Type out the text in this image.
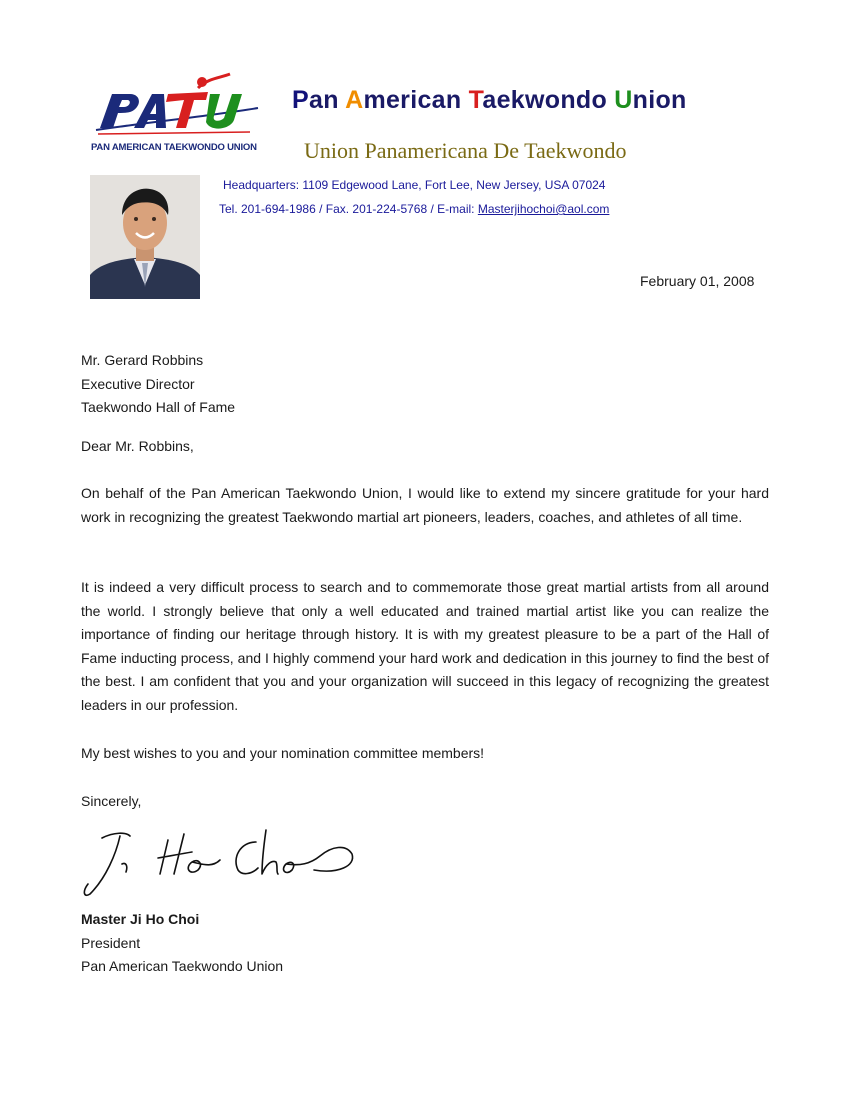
PAN AMERICAN TAEKWONDO UNION
Pan American Taekwondo Union
Union Panamericana De Taekwondo
Headquarters: 1109 Edgewood Lane, Fort Lee, New Jersey, USA 07024
Tel. 201-694-1986 / Fax. 201-224-5768 / E-mail: Masterjihochoi@aol.com
February 01, 2008
Mr. Gerard Robbins
Executive Director
Taekwondo Hall of Fame
Dear Mr. Robbins,

On behalf of the Pan American Taekwondo Union, I would like to extend my sincere gratitude for your hard work in recognizing the greatest Taekwondo martial art pioneers, leaders, coaches, and athletes of all time.

It is indeed a very difficult process to search and to commemorate those great martial artists from all around the world. I strongly believe that only a well educated and trained martial artist like you can realize the importance of finding our heritage through history. It is with my greatest pleasure to be a part of the Hall of Fame inducting process, and I highly commend your hard work and dedication in this journey to find the best of the best. I am confident that you and your organization will succeed in this legacy of recognizing the greatest leaders in our profession.

My best wishes to you and your nomination committee members!

Sincerely,
Master Ji Ho Choi
President
Pan American Taekwondo Union
